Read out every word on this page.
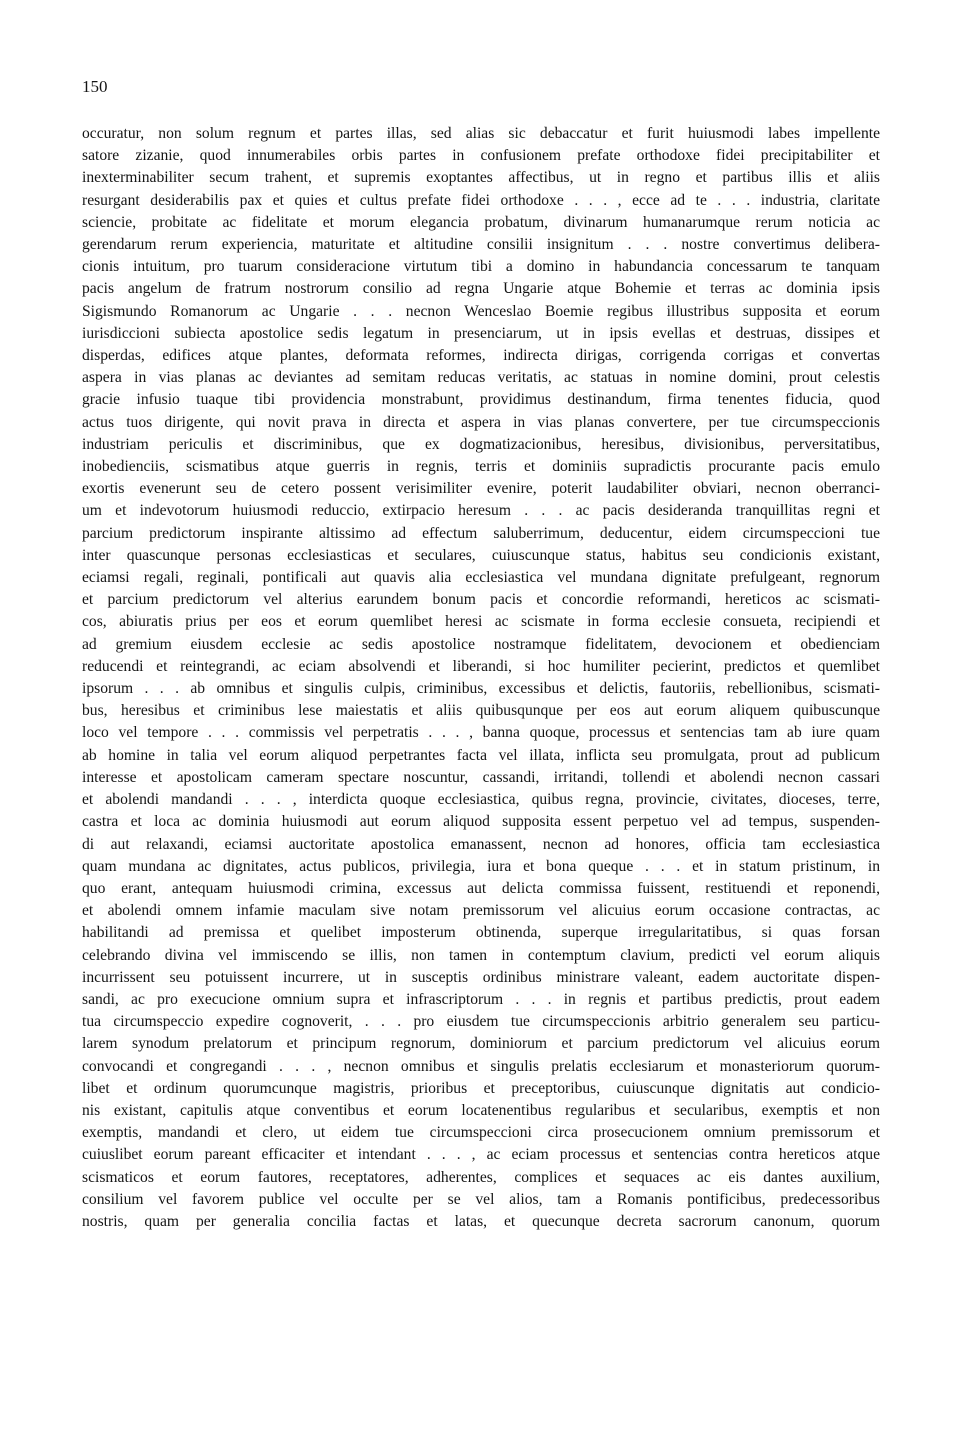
150

occuratur, non solum regnum et partes illas, sed alias sic debaccatur et furit huiusmodi labes impellente
satore zizanie, quod innumerabiles orbis partes in confusionem prefate orthodoxe fidei precipitabiliter et
inexterminabiliter secum trahent, et supremis exoptantes affectibus, ut in regno et partibus illis et aliis
resurgant desiderabilis pax et quies et cultus prefate fidei orthodoxe . . . , ecce ad te . . . industria, claritate
sciencie, probitate ac fidelitate et morum elegancia probatum, divinarum humanarumque rerum noticia ac
gerendarum rerum experiencia, maturitate et altitudine consilii insignitum . . . nostre convertimus delibera-
cionis intuitum, pro tuarum consideracione virtutum tibi a domino in habundancia concessarum te tanquam
pacis angelum de fratrum nostrorum consilio ad regna Ungarie atque Bohemie et terras ac dominia ipsis
Sigismundo Romanorum ac Ungarie . . . necnon Wenceslao Boemie regibus illustribus supposita et eorum
iurisdiccioni subiecta apostolice sedis legatum in presenciarum, ut in ipsis evellas et destruas, dissipes et
disperdas, edifices atque plantes, deformata reformes, indirecta dirigas, corrigenda corrigas et convertas
aspera in vias planas ac deviantes ad semitam reducas veritatis, ac statuas in nomine domini, prout celestis
gracie infusio tuaque tibi providencia monstrabunt, providimus destinandum, firma tenentes fiducia, quod
actus tuos dirigente, qui novit prava in directa et aspera in vias planas convertere, per tue circumspeccionis
industriam periculis et discriminibus, que ex dogmatizacionibus, heresibus, divisionibus, perversitatibus,
inobedienciis, scismatibus atque guerris in regnis, terris et dominiis supradictis procurante pacis emulo
exortis evenerunt seu de cetero possent verisimiliter evenire, poterit laudabiliter obviari, necnon oberranci-
um et indevotorum huiusmodi reduccio, extirpacio heresum . . . ac pacis desideranda tranquillitas regni et
parcium predictorum inspirante altissimo ad effectum saluberrimum, deducentur, eidem circumspeccioni tue
inter quascunque personas ecclesiasticas et seculares, cuiuscunque status, habitus seu condicionis existant,
eciamsi regali, reginali, pontificali aut quavis alia ecclesiastica vel mundana dignitate prefulgeant, regnorum
et parcium predictorum vel alterius earundem bonum pacis et concordie reformandi, hereticos ac scismati-
cos, abiuratis prius per eos et eorum quemlibet heresi ac scismate in forma ecclesie consueta, recipiendi et
ad gremium eiusdem ecclesie ac sedis apostolice nostramque fidelitatem, devocionem et obedienciam
reducendi et reintegrandi, ac eciam absolvendi et liberandi, si hoc humiliter pecierint, predictos et quemlibet
ipsorum . . . ab omnibus et singulis culpis, criminibus, excessibus et delictis, fautoriis, rebellionibus, scismati-
bus, heresibus et criminibus lese maiestatis et aliis quibusqunque per eos aut eorum aliquem quibuscunque
loco vel tempore . . . commissis vel perpetratis . . . , banna quoque, processus et sentencias tam ab iure quam
ab homine in talia vel eorum aliquod perpetrantes facta vel illata, inflicta seu promulgata, prout ad publicum
interesse et apostolicam cameram spectare noscuntur, cassandi, irritandi, tollendi et abolendi necnon cassari
et abolendi mandandi . . . , interdicta quoque ecclesiastica, quibus regna, provincie, civitates, dioceses, terre,
castra et loca ac dominia huiusmodi aut eorum aliquod supposita essent perpetuo vel ad tempus, suspenden-
di aut relaxandi, eciamsi auctoritate apostolica emanassent, necnon ad honores, officia tam ecclesiastica
quam mundana ac dignitates, actus publicos, privilegia, iura et bona queque . . . et in statum pristinum, in
quo erant, antequam huiusmodi crimina, excessus aut delicta commissa fuissent, restituendi et reponendi,
et abolendi omnem infamie maculam sive notam premissorum vel alicuius eorum occasione contractas, ac
habilitandi ad premissa et quelibet imposterum obtinenda, superque irregularitatibus, si quas forsan
celebrando divina vel immiscendo se illis, non tamen in contemptum clavium, predicti vel eorum aliquis
incurrissent seu potuissent incurrere, ut in susceptis ordinibus ministrare valeant, eadem auctoritate dispen-
sandi, ac pro execucione omnium supra et infrascriptorum . . . in regnis et partibus predictis, prout eadem
tua circumspeccio expedire cognoverit, . . . pro eiusdem tue circumspeccionis arbitrio generalem seu particu-
larem synodum prelatorum et principum regnorum, dominiorum et parcium predictorum vel alicuius eorum
convocandi et congregandi . . . , necnon omnibus et singulis prelatis ecclesiarum et monasteriorum quorum-
libet et ordinum quorumcunque magistris, prioribus et preceptoribus, cuiuscunque dignitatis aut condicio-
nis existant, capitulis atque conventibus et eorum locatenentibus regularibus et secularibus, exemptis et non
exemptis, mandandi et clero, ut eidem tue circumspeccioni circa prosecucionem omnium premissorum et
cuiuslibet eorum pareant efficaciter et intendant . . . , ac eciam processus et sentencias contra hereticos atque
scismaticos et eorum fautores, receptatores, adherentes, complices et sequaces ac eis dantes auxilium,
consilium vel favorem publice vel occulte per se vel alios, tam a Romanis pontificibus, predecessoribus
nostris, quam per generalia concilia factas et latas, et quecunque decreta sacrorum canonum, quorum
